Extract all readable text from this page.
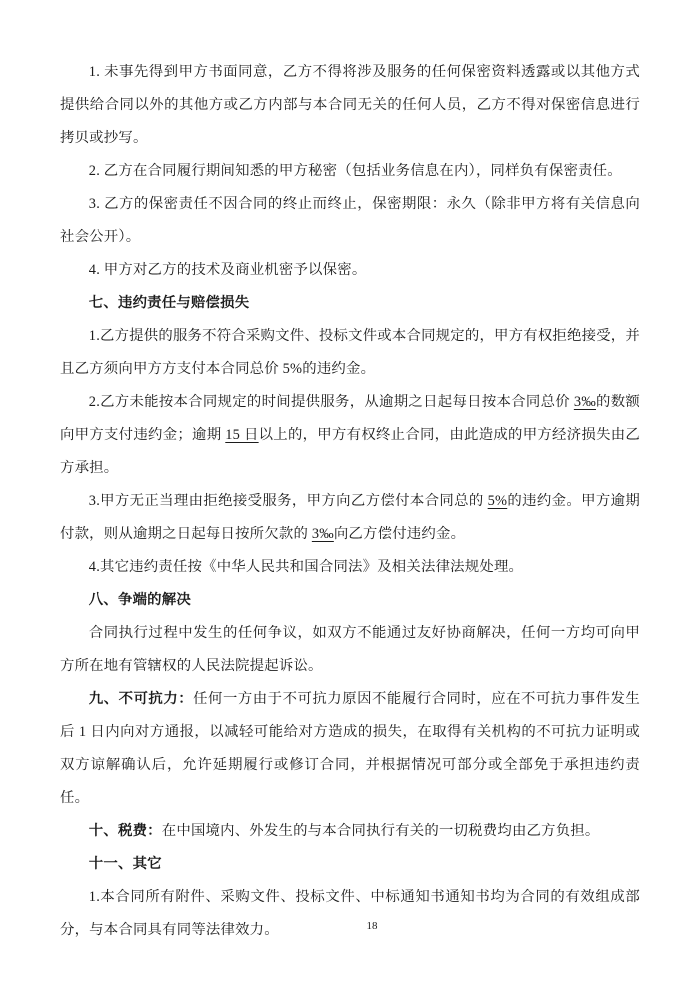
1. 未事先得到甲方书面同意，乙方不得将涉及服务的任何保密资料透露或以其他方式提供给合同以外的其他方或乙方内部与本合同无关的任何人员，乙方不得对保密信息进行拷贝或抄写。

2. 乙方在合同履行期间知悉的甲方秘密（包括业务信息在内），同样负有保密责任。

3. 乙方的保密责任不因合同的终止而终止，保密期限：永久（除非甲方将有关信息向社会公开）。

4. 甲方对乙方的技术及商业机密予以保密。

七、违约责任与赔偿损失

1.乙方提供的服务不符合采购文件、投标文件或本合同规定的，甲方有权拒绝接受，并且乙方须向甲方方支付本合同总价 5%的违约金。

2.乙方未能按本合同规定的时间提供服务，从逾期之日起每日按本合同总价 3‰的数额向甲方支付违约金；逾期 15 日以上的，甲方有权终止合同，由此造成的甲方经济损失由乙方承担。

3.甲方无正当理由拒绝接受服务，甲方向乙方偿付本合同总的 5%的违约金。甲方逾期付款，则从逾期之日起每日按所欠款的 3‰向乙方偿付违约金。

4.其它违约责任按《中华人民共和国合同法》及相关法律法规处理。

八、争端的解决

合同执行过程中发生的任何争议，如双方不能通过友好协商解决，任何一方均可向甲方所在地有管辖权的人民法院提起诉讼。

九、不可抗力：任何一方由于不可抗力原因不能履行合同时，应在不可抗力事件发生后 1 日内向对方通报，以减轻可能给对方造成的损失，在取得有关机构的不可抗力证明或双方谅解确认后，允许延期履行或修订合同，并根据情况可部分或全部免于承担违约责任。

十、税费：在中国境内、外发生的与本合同执行有关的一切税费均由乙方负担。

十一、其它

1.本合同所有附件、采购文件、投标文件、中标通知书通知书均为合同的有效组成部分，与本合同具有同等法律效力。	18
